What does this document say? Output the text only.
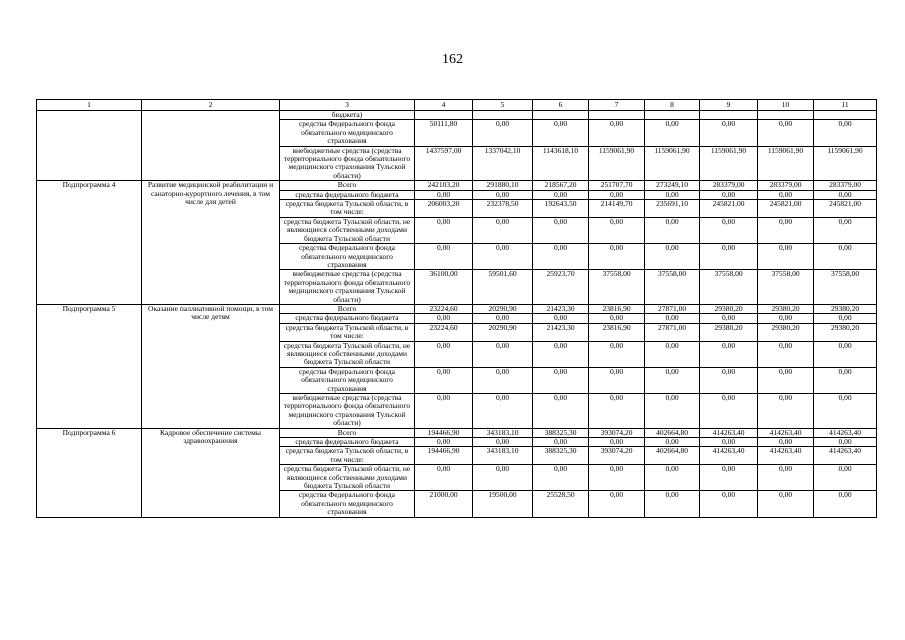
162
1	2	3	4	5	6	7	8	9	10	11
		бюджета)								
		средства Федерального фонда обязательного медицинского страхования	50111,80	0,00	0,00	0,00	0,00	0,00	0,00	0,00
		внебюджетные средства (средства территориального фонда обязательного медицинского страхования Тульской области)	1437597,00	1337042,10	1143618,10	1159061,90	1159061,90	1159061,90	1159061,90	1159061,90
Подпрограмма 4	Развитие медицинской реабилитации и санаторно-курортного лечения, в том числе для детей	Всего	242103,20	291880,10	218567,20	251707,70	273249,10	283379,00	283379,00	283379,00
		средства федерального бюджета	0,00	0,00	0,00	0,00	0,00	0,00	0,00	0,00
		средства бюджета Тульской области, в том числе:	206003,20	232378,50	192643,50	214149,70	235691,10	245821,00	245821,00	245821,00
		средства бюджета Тульской области, не являющиеся собственными доходами бюджета Тульской области	0,00	0,00	0,00	0,00	0,00	0,00	0,00	0,00
		средства Федерального фонда обязательного медицинского страхования	0,00	0,00	0,00	0,00	0,00	0,00	0,00	0,00
		внебюджетные средства (средства территориального фонда обязательного медицинского страхования Тульской области)	36100,00	59501,60	25923,70	37558,00	37558,00	37558,00	37558,00	37558,00
Подпрограмма 5	Оказание паллиативной помощи, в том числе детям	Всего	23224,60	20290,90	21423,30	23816,90	27871,00	29380,20	29380,20	29380,20
		средства федерального бюджета	0,00	0,00	0,00	0,00	0,00	0,00	0,00	0,00
		средства бюджета Тульской области, в том числе:	23224,60	20290,90	21423,30	23816,90	27871,00	29380,20	29380,20	29380,20
		средства бюджета Тульской области, не являющиеся собственными доходами бюджета Тульской области	0,00	0,00	0,00	0,00	0,00	0,00	0,00	0,00
		средства Федерального фонда обязательного медицинского страхования	0,00	0,00	0,00	0,00	0,00	0,00	0,00	0,00
		внебюджетные средства (средства территориального фонда обязательного медицинского страхования Тульской области)	0,00	0,00	0,00	0,00	0,00	0,00	0,00	0,00
Подпрограмма 6	Кадровое обеспечение системы здравоохранения	Всего	194466,90	343183,10	388325,30	393074,20	402664,80	414263,40	414263,40	414263,40
		средства федерального бюджета	0,00	0,00	0,00	0,00	0,00	0,00	0,00	0,00
		средства бюджета Тульской области, в том числе:	194466,90	343183,10	388325,30	393074,20	402664,80	414263,40	414263,40	414263,40
		средства бюджета Тульской области, не являющиеся собственными доходами бюджета Тульской области	0,00	0,00	0,00	0,00	0,00	0,00	0,00	0,00
		средства Федерального фонда обязательного медицинского страхования	21000,00	19500,00	25528,50	0,00	0,00	0,00	0,00	0,00
